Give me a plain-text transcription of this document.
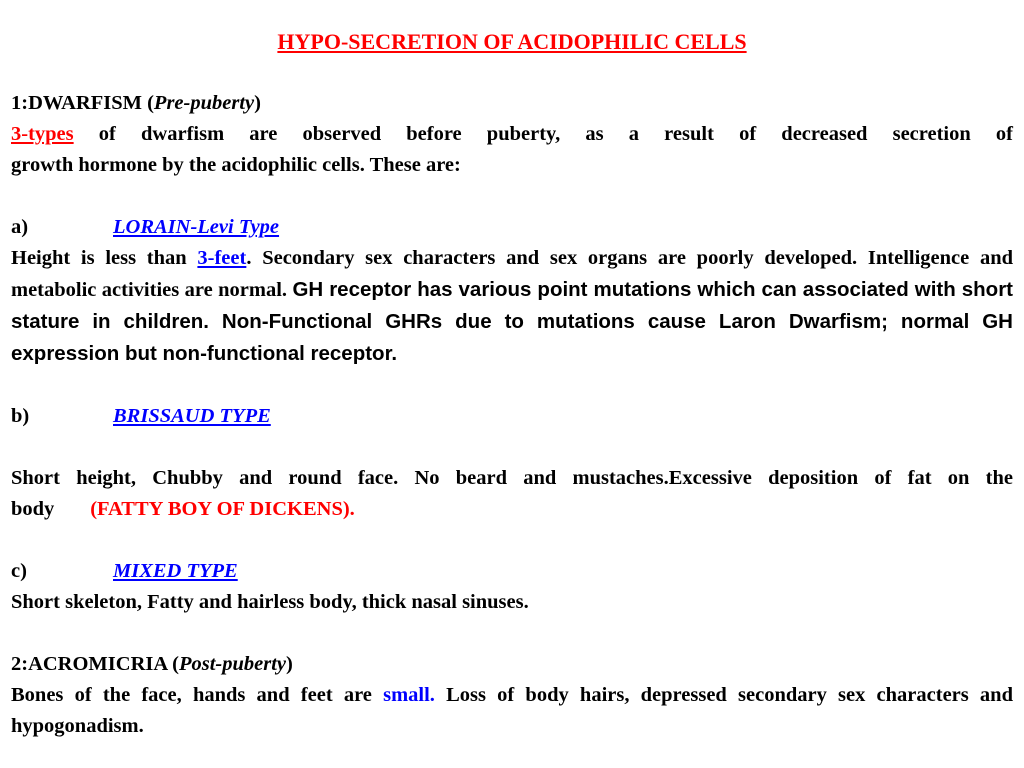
HYPO-SECRETION OF ACIDOPHILIC CELLS
1:DWARFISM (Pre-puberty)
3-types of dwarfism are observed before puberty, as a result of decreased secretion of
growth hormone by the acidophilic cells. These are:
a)	LORAIN-Levi Type
Height is less than 3-feet. Secondary sex characters and sex organs are poorly developed. Intelligence and metabolic activities are normal. GH receptor has various point mutations which can associated with short stature in children. Non-Functional GHRs due to mutations cause Laron Dwarfism; normal GH expression but non-functional receptor.
b)	BRISSAUD TYPE
Short height, Chubby and round face. No beard and mustaches.Excessive deposition of fat on the body (FATTY BOY OF DICKENS).
c)	MIXED TYPE
Short skeleton, Fatty and hairless body, thick nasal sinuses.
2:ACROMICRIA (Post-puberty)
Bones of the face, hands and feet are small. Loss of body hairs, depressed secondary sex characters and hypogonadism.
